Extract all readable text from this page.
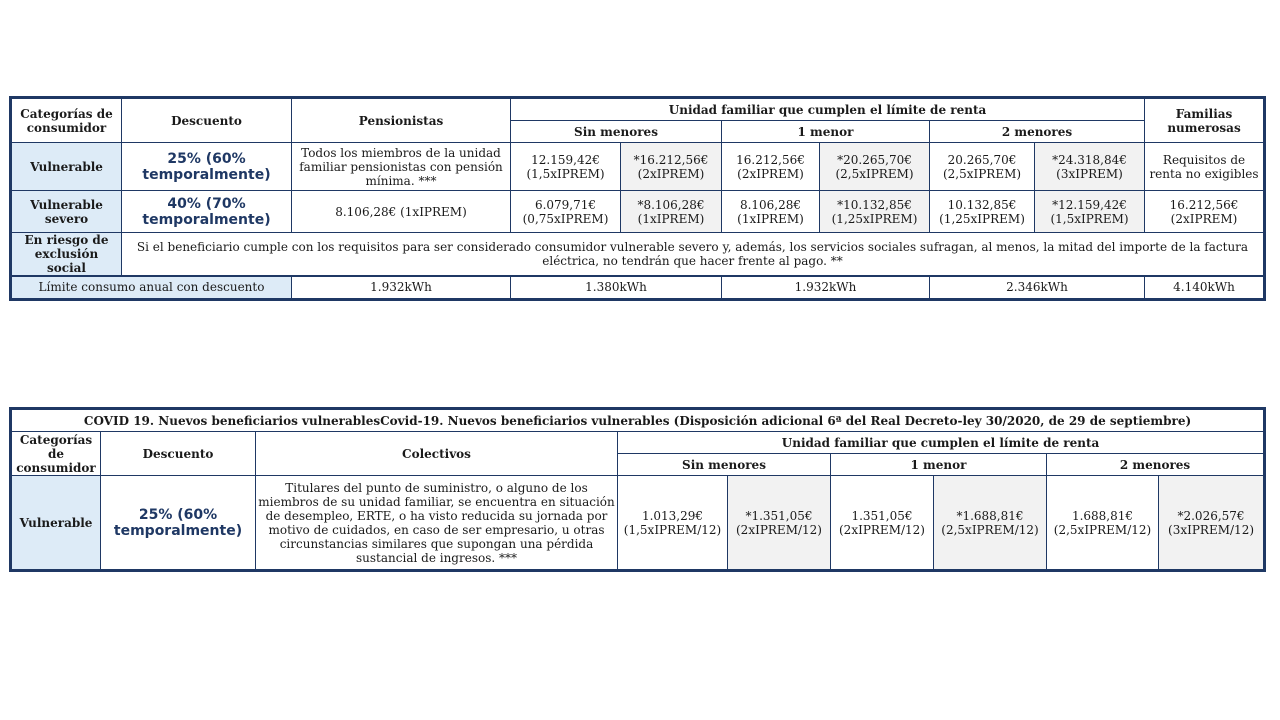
Categorías de consumidor	Descuento	Pensionistas	Unidad familiar que cumplen el límite de renta						Familias numerosas
			Sin menores		1 menor		2 menores		
Vulnerable	25% (60% temporalmente)	Todos los miembros de la unidad familiar pensionistas con pensión mínima. ***	12.159,42€ (1,5xIPREM)	*16.212,56€ (2xIPREM)	16.212,56€ (2xIPREM)	*20.265,70€ (2,5xIPREM)	20.265,70€ (2,5xIPREM)	*24.318,84€ (3xIPREM)	Requisitos de renta no exigibles
Vulnerable severo	40% (70% temporalmente)	8.106,28€ (1xIPREM)	6.079,71€ (0,75xIPREM)	*8.106,28€ (1xIPREM)	8.106,28€ (1xIPREM)	*10.132,85€ (1,25xIPREM)	10.132,85€ (1,25xIPREM)	*12.159,42€ (1,5xIPREM)	16.212,56€ (2xIPREM)
En riesgo de exclusión social	Si el beneficiario cumple con los requisitos para ser considerado consumidor vulnerable severo y, además, los servicios sociales sufragan, al menos, la mitad del importe de la factura eléctrica, no tendrán que hacer frente al pago. **								
Límite consumo anual con descuento		1.932kWh	1.380kWh		1.932kWh		2.346kWh		4.140kWh
COVID 19. Nuevos beneficiarios vulnerablesCovid-19. Nuevos beneficiarios vulnerables (Disposición adicional 6ª del Real Decreto-ley 30/2020, de 29 de septiembre)								
Categorías de consumidor	Descuento	Colectivos	Unidad familiar que cumplen el límite de renta					
			Sin menores		1 menor		2 menores	
Vulnerable	25% (60% temporalmente)	Titulares del punto de suministro, o alguno de los miembros de su unidad familiar, se encuentra en situación de desempleo, ERTE, o ha visto reducida su jornada por motivo de cuidados, en caso de ser empresario, u otras circunstancias similares que supongan una pérdida sustancial de ingresos. ***	1.013,29€ (1,5xIPREM/12)	*1.351,05€ (2xIPREM/12)	1.351,05€ (2xIPREM/12)	*1.688,81€ (2,5xIPREM/12)	1.688,81€ (2,5xIPREM/12)	*2.026,57€ (3xIPREM/12)
